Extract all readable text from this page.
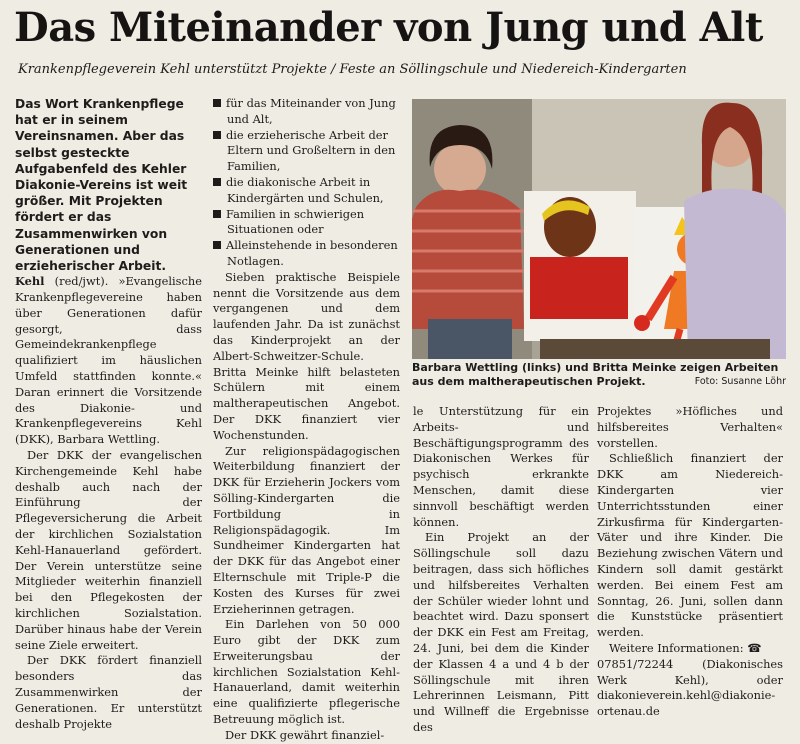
Das Miteinander von Jung und Alt
Krankenpflegeverein Kehl unterstützt Projekte / Feste an Söllingschule und Niedereich-Kindergarten

Das Wort Krankenpflege hat er in seinem Vereinsnamen. Aber das selbst gesteckte Aufgabenfeld des Kehler Diakonie-Vereins ist weit größer. Mit Projekten fördert er das Zusammenwirken von Generationen und erzieherischer Arbeit.

Kehl (red/jwt). »Evangelische Krankenpflegevereine haben über Generationen dafür gesorgt, dass Gemeindekrankenpflege qualifiziert im häuslichen Umfeld stattfinden konnte.« Daran erinnert die Vorsitzende des Diakonie- und Krankenpflegevereins Kehl (DKK), Barbara Wettling.

Der DKK der evangelischen Kirchengemeinde Kehl habe deshalb auch nach der Einführung der Pflegeversicherung die Arbeit der kirchlichen Sozialstation Kehl-Hanauerland gefördert. Der Verein unterstütze seine Mitglieder weiterhin finanziell bei den Pflegekosten der kirchlichen Sozialstation. Darüber hinaus habe der Verein seine Ziele erweitert.

Der DKK fördert finanziell besonders das Zusammenwirken der Generationen. Er unterstützt deshalb Projekte

für das Miteinander von Jung und Alt,

die erzieherische Arbeit der Eltern und Großeltern in den Familien,

die diakonische Arbeit in Kindergärten und Schulen,

Familien in schwierigen Situationen oder

Alleinstehende in besonderen Notlagen.

Sieben praktische Beispiele nennt die Vorsitzende aus dem vergangenen und dem laufenden Jahr. Da ist zunächst das Kinderprojekt an der Albert-Schweitzer-Schule. Britta Meinke hilft belasteten Schülern mit einem maltherapeutischen Angebot. Der DKK finanziert vier Wochenstunden.

Zur religionspädagogischen Weiterbildung finanziert der DKK für Erzieherin Jockers vom Sölling-Kindergarten die Fortbildung in Religionspädagogik. Im Sundheimer Kindergarten hat der DKK für das Angebot einer Elternschule mit Triple-P die Kosten des Kurses für zwei Erzieherinnen getragen.

Ein Darlehen von 50 000 Euro gibt der DKK zum Erweiterungsbau der kirchlichen Sozialstation Kehl-Hanauerland, damit weiterhin eine qualifizierte pflegerische Betreuung möglich ist.

Der DKK gewährt finanziel-

Barbara Wettling (links) und Britta Meinke zeigen Arbeiten aus dem maltherapeutischen Projekt.	Foto: Susanne Löhr

le Unterstützung für ein Arbeits- und Beschäftigungsprogramm des Diakonischen Werkes für psychisch erkrankte Menschen, damit diese sinnvoll beschäftigt werden können.

Ein Projekt an der Söllingschule soll dazu beitragen, dass sich höfliches und hilfsbereites Verhalten der Schüler wieder lohnt und beachtet wird. Dazu sponsert der DKK ein Fest am Freitag, 24. Juni, bei dem die Kinder der Klassen 4 a und 4 b der Söllingschule mit ihren Lehrerinnen Leismann, Pitt und Willneff die Ergebnisse des

Projektes »Höfliches und hilfsbereites Verhalten« vorstellen.

Schließlich finanziert der DKK am Niedereich-Kindergarten vier Unterrichtsstunden einer Zirkusfirma für Kindergarten-Väter und ihre Kinder. Die Beziehung zwischen Vätern und Kindern soll damit gestärkt werden. Bei einem Fest am Sonntag, 26. Juni, sollen dann die Kunststücke präsentiert werden.

Weitere Informationen: ☎

07851/72244 (Diakonisches Werk Kehl), oder diakonieverein.kehl@diakonie-ortenau.de
